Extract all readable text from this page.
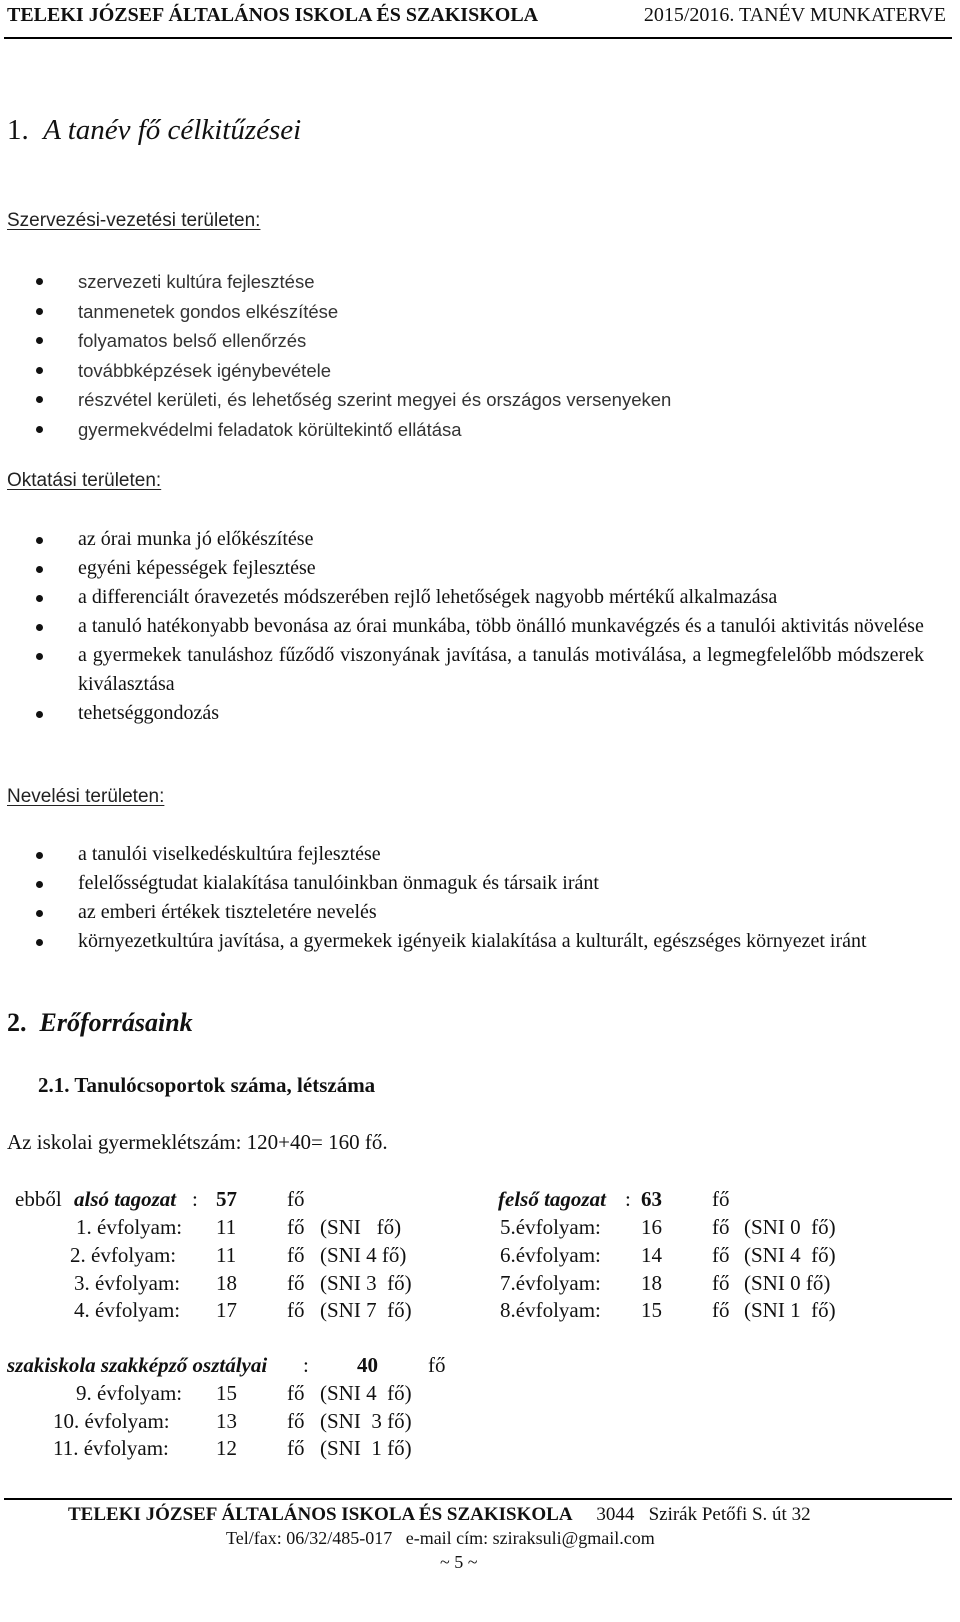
TELEKI JÓZSEF ÁLTALÁNOS ISKOLA ÉS SZAKISKOLA	2015/2016. TANÉV MUNKATERVE
1. A tanév fő célkitűzései
Szervezési-vezetési területen:
szervezeti kultúra fejlesztése
tanmenetek gondos elkészítése
folyamatos belső ellenőrzés
továbbképzések igénybevétele
részvétel kerületi, és lehetőség szerint megyei és országos versenyeken
gyermekvédelmi feladatok körültekintő ellátása
Oktatási területen:
az órai munka jó előkészítése
egyéni képességek fejlesztése
a differenciált óravezetés módszerében rejlő lehetőségek nagyobb mértékű alkalmazása
a tanuló hatékonyabb bevonása az órai munkába, több önálló munkavégzés és a tanulói aktivitás növelése
a gyermekek tanuláshoz fűződő viszonyának javítása, a tanulás motiválása, a legmegfelelőbb módszerek kiválasztása
tehetséggondozás
Nevelési területen:
a tanulói viselkedéskultúra fejlesztése
felelősségtudat kialakítása tanulóinkban önmaguk és társaik iránt
az emberi értékek tiszteletére nevelés
környezetkultúra javítása, a gyermekek igényeik kialakítása a kulturált, egészséges környezet iránt
2. Erőforrásaink
2.1. Tanulócsoportok száma, létszáma
Az iskolai gyermeklétszám: 120+40= 160 fő.
ebből alsó tagozat : 57 fő	felső tagozat : 63 fő
1. évfolyam: 11 fő (SNI   fő)
2. évfolyam: 11 fő (SNI 4 fő)
3. évfolyam: 18 fő (SNI 3  fő)
4. évfolyam: 17 fő (SNI 7  fő)
5.évfolyam: 16 fő (SNI 0  fő)
6.évfolyam: 14 fő (SNI 4  fő)
7.évfolyam: 18 fő (SNI 0 fő)
8.évfolyam: 15 fő (SNI 1  fő)
szakiskola szakképző osztályai : 40 fő
9. évfolyam: 15 fő (SNI 4  fő)
10. évfolyam: 13 fő (SNI  3 fő)
11. évfolyam: 12 fő (SNI  1 fő)
TELEKI JÓZSEF ÁLTALÁNOS ISKOLA ÉS SZAKISKOLA 3044   Szirák Petőfi S. út 32
Tel/fax: 06/32/485-017   e-mail cím: sziraksuli@gmail.com
~ 5 ~
